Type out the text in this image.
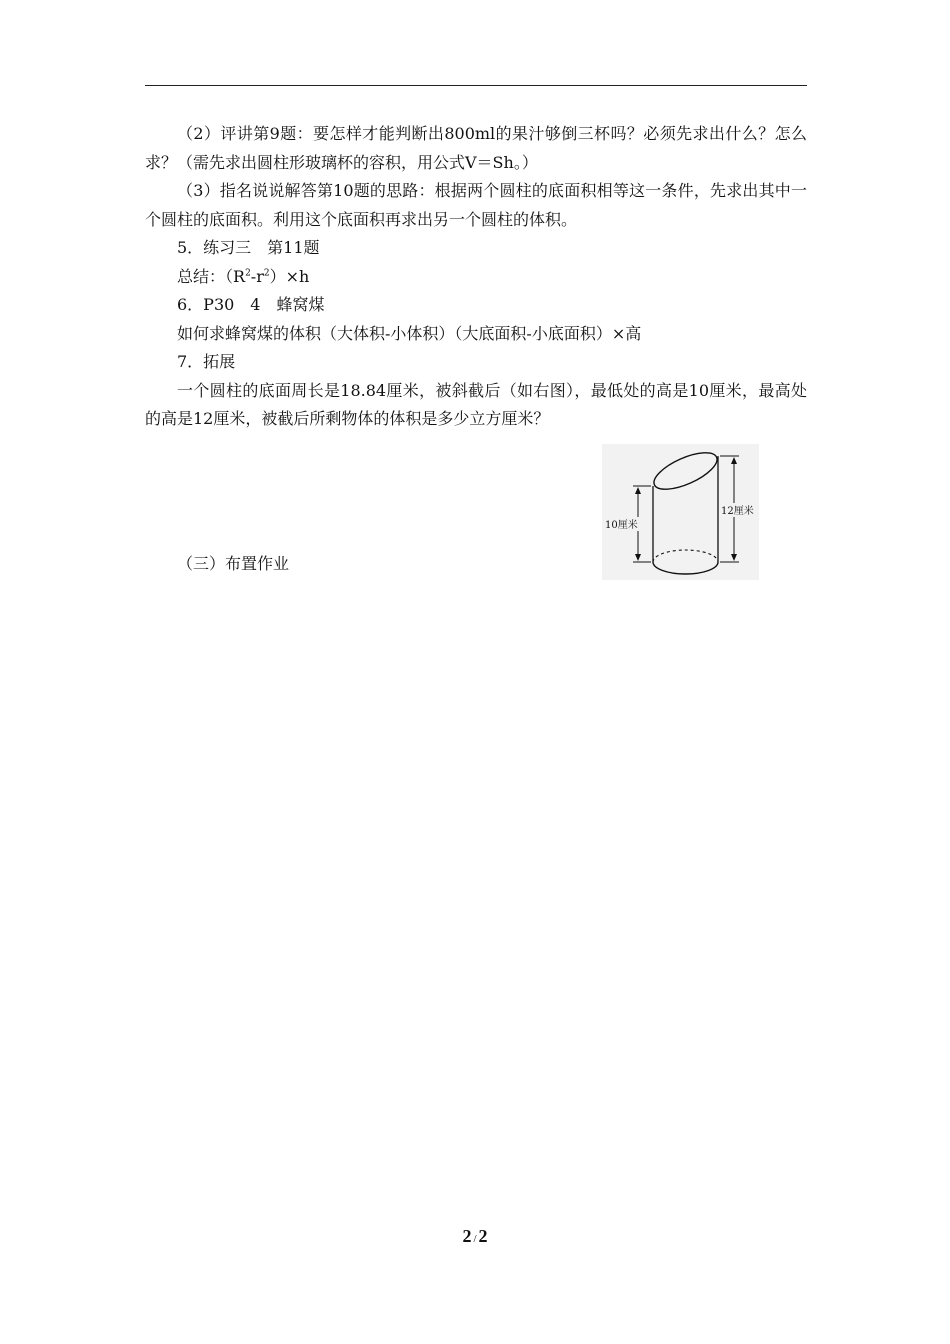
（2）评讲第9题：要怎样才能判断出800ml的果汁够倒三杯吗？必须先求出什么？怎么求？（需先求出圆柱形玻璃杯的容积，用公式V＝Sh。）

（3）指名说说解答第10题的思路：根据两个圆柱的底面积相等这一条件，先求出其中一个圆柱的底面积。利用这个底面积再求出另一个圆柱的体积。

5．练习三　第11题

总结：$(R^2-r^2)\times h$

6．P30　4　蜂窝煤

如何求蜂窝煤的体积（大体积-小体积）（大底面积-小底面积）×高

7．拓展

一个圆柱的底面周长是18.84厘米，被斜截后（如右图），最低处的高是10厘米，最高处的高是12厘米，被截后所剩物体的体积是多少立方厘米？

10厘米
12厘米

（三）布置作业

2 / 2
